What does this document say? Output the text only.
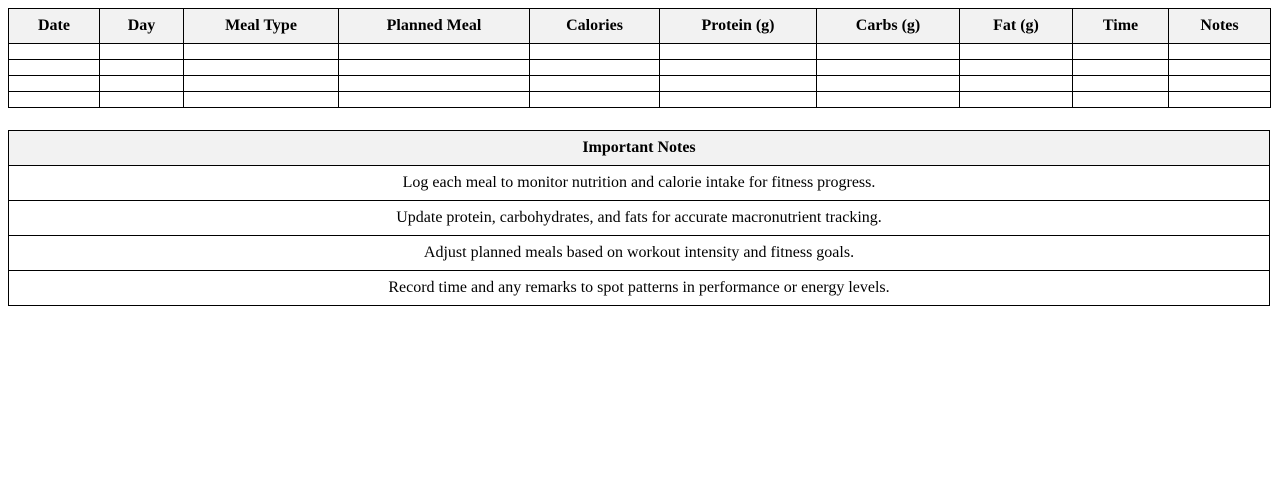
Date	Day	Meal Type	Planned Meal	Calories	Protein (g)	Carbs (g)	Fat (g)	Time	Notes

Important Notes
Log each meal to monitor nutrition and calorie intake for fitness progress.
Update protein, carbohydrates, and fats for accurate macronutrient tracking.
Adjust planned meals based on workout intensity and fitness goals.
Record time and any remarks to spot patterns in performance or energy levels.
